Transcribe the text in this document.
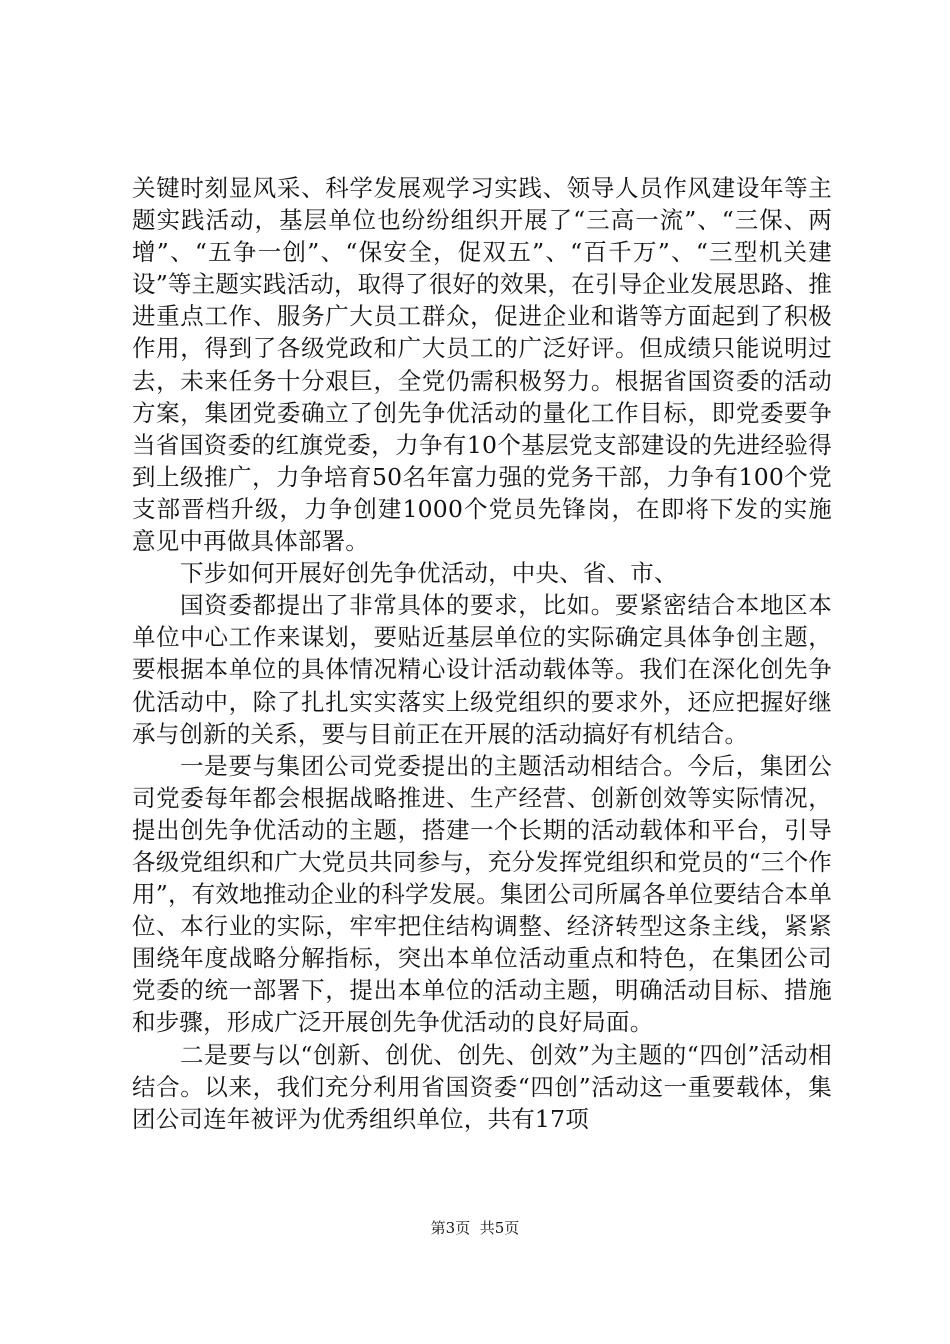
关键时刻显风采、科学发展观学习实践、领导人员作风建设年等主题实践活动，基层单位也纷纷组织开展了“三高一流”、“三保、两增”、“五争一创”、“保安全，促双五”、“百千万”、“三型机关建设”等主题实践活动，取得了很好的效果，在引导企业发展思路、推进重点工作、服务广大员工群众，促进企业和谐等方面起到了积极作用，得到了各级党政和广大员工的广泛好评。但成绩只能说明过去，未来任务十分艰巨，全党仍需积极努力。根据省国资委的活动方案，集团党委确立了创先争优活动的量化工作目标，即党委要争当省国资委的红旗党委，力争有10个基层党支部建设的先进经验得到上级推广，力争培育50名年富力强的党务干部，力争有100个党支部晋档升级，力争创建1000个党员先锋岗，在即将下发的实施意见中再做具体部署。

下步如何开展好创先争优活动，中央、省、市、

国资委都提出了非常具体的要求，比如。要紧密结合本地区本单位中心工作来谋划，要贴近基层单位的实际确定具体争创主题，要根据本单位的具体情况精心设计活动载体等。我们在深化创先争优活动中，除了扎扎实实落实上级党组织的要求外，还应把握好继承与创新的关系，要与目前正在开展的活动搞好有机结合。

一是要与集团公司党委提出的主题活动相结合。今后，集团公司党委每年都会根据战略推进、生产经营、创新创效等实际情况，提出创先争优活动的主题，搭建一个长期的活动载体和平台，引导各级党组织和广大党员共同参与，充分发挥党组织和党员的“三个作用”，有效地推动企业的科学发展。集团公司所属各单位要结合本单位、本行业的实际，牢牢把住结构调整、经济转型这条主线，紧紧围绕年度战略分解指标，突出本单位活动重点和特色，在集团公司党委的统一部署下，提出本单位的活动主题，明确活动目标、措施和步骤，形成广泛开展创先争优活动的良好局面。

二是要与以“创新、创优、创先、创效”为主题的“四创”活动相结合。以来，我们充分利用省国资委“四创”活动这一重要载体，集团公司连年被评为优秀组织单位，共有17项

第3页 共5页
